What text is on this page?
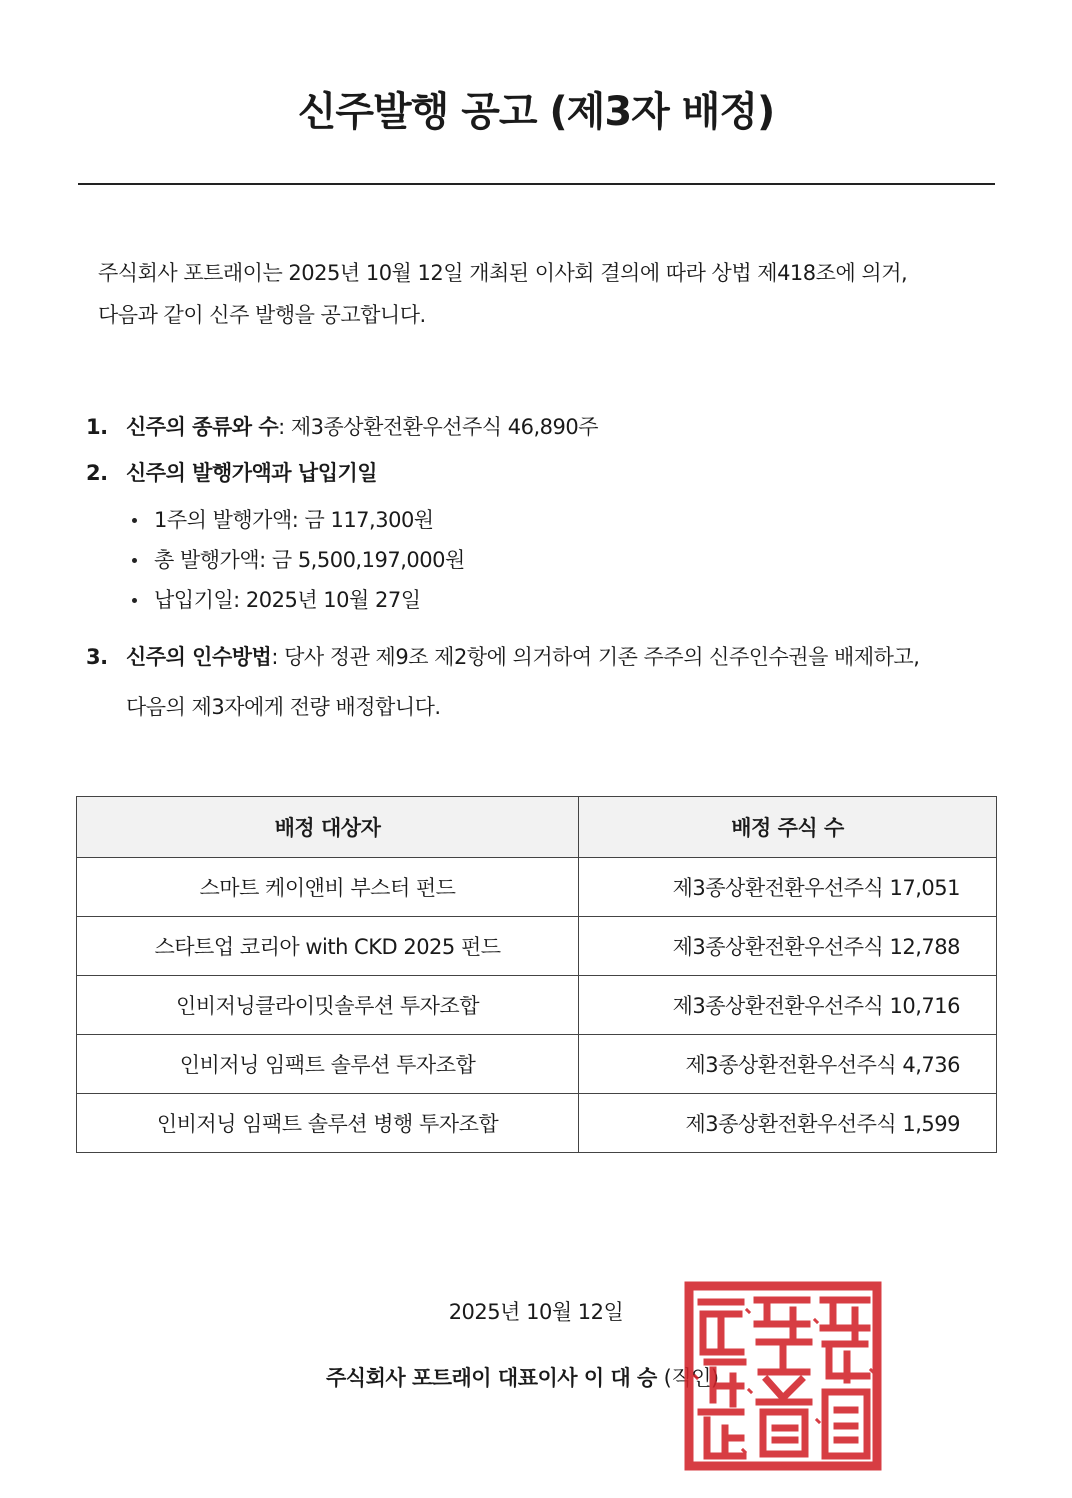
신주발행 공고 (제3자 배정)
주식회사 포트래이는 2025년 10월 12일 개최된 이사회 결의에 따라 상법 제418조에 의거,
다음과 같이 신주 발행을 공고합니다.
1. 신주의 종류와 수: 제3종상환전환우선주식 46,890주
2. 신주의 발행가액과 납입기일
1주의 발행가액: 금 117,300원
총 발행가액: 금 5,500,197,000원
납입기일: 2025년 10월 27일
3. 신주의 인수방법: 당사 정관 제9조 제2항에 의거하여 기존 주주의 신주인수권을 배제하고,
다음의 제3자에게 전량 배정합니다.
배정 대상자	배정 주식 수
스마트 케이앤비 부스터 펀드	제3종상환전환우선주식 17,051
스타트업 코리아 with CKD 2025 펀드	제3종상환전환우선주식 12,788
인비저닝클라이밋솔루션 투자조합	제3종상환전환우선주식 10,716
인비저닝 임팩트 솔루션 투자조합	제3종상환전환우선주식 4,736
인비저닝 임팩트 솔루션 병행 투자조합	제3종상환전환우선주식 1,599
2025년 10월 12일
주식회사 포트래이 대표이사 이 대 승 (직인)
